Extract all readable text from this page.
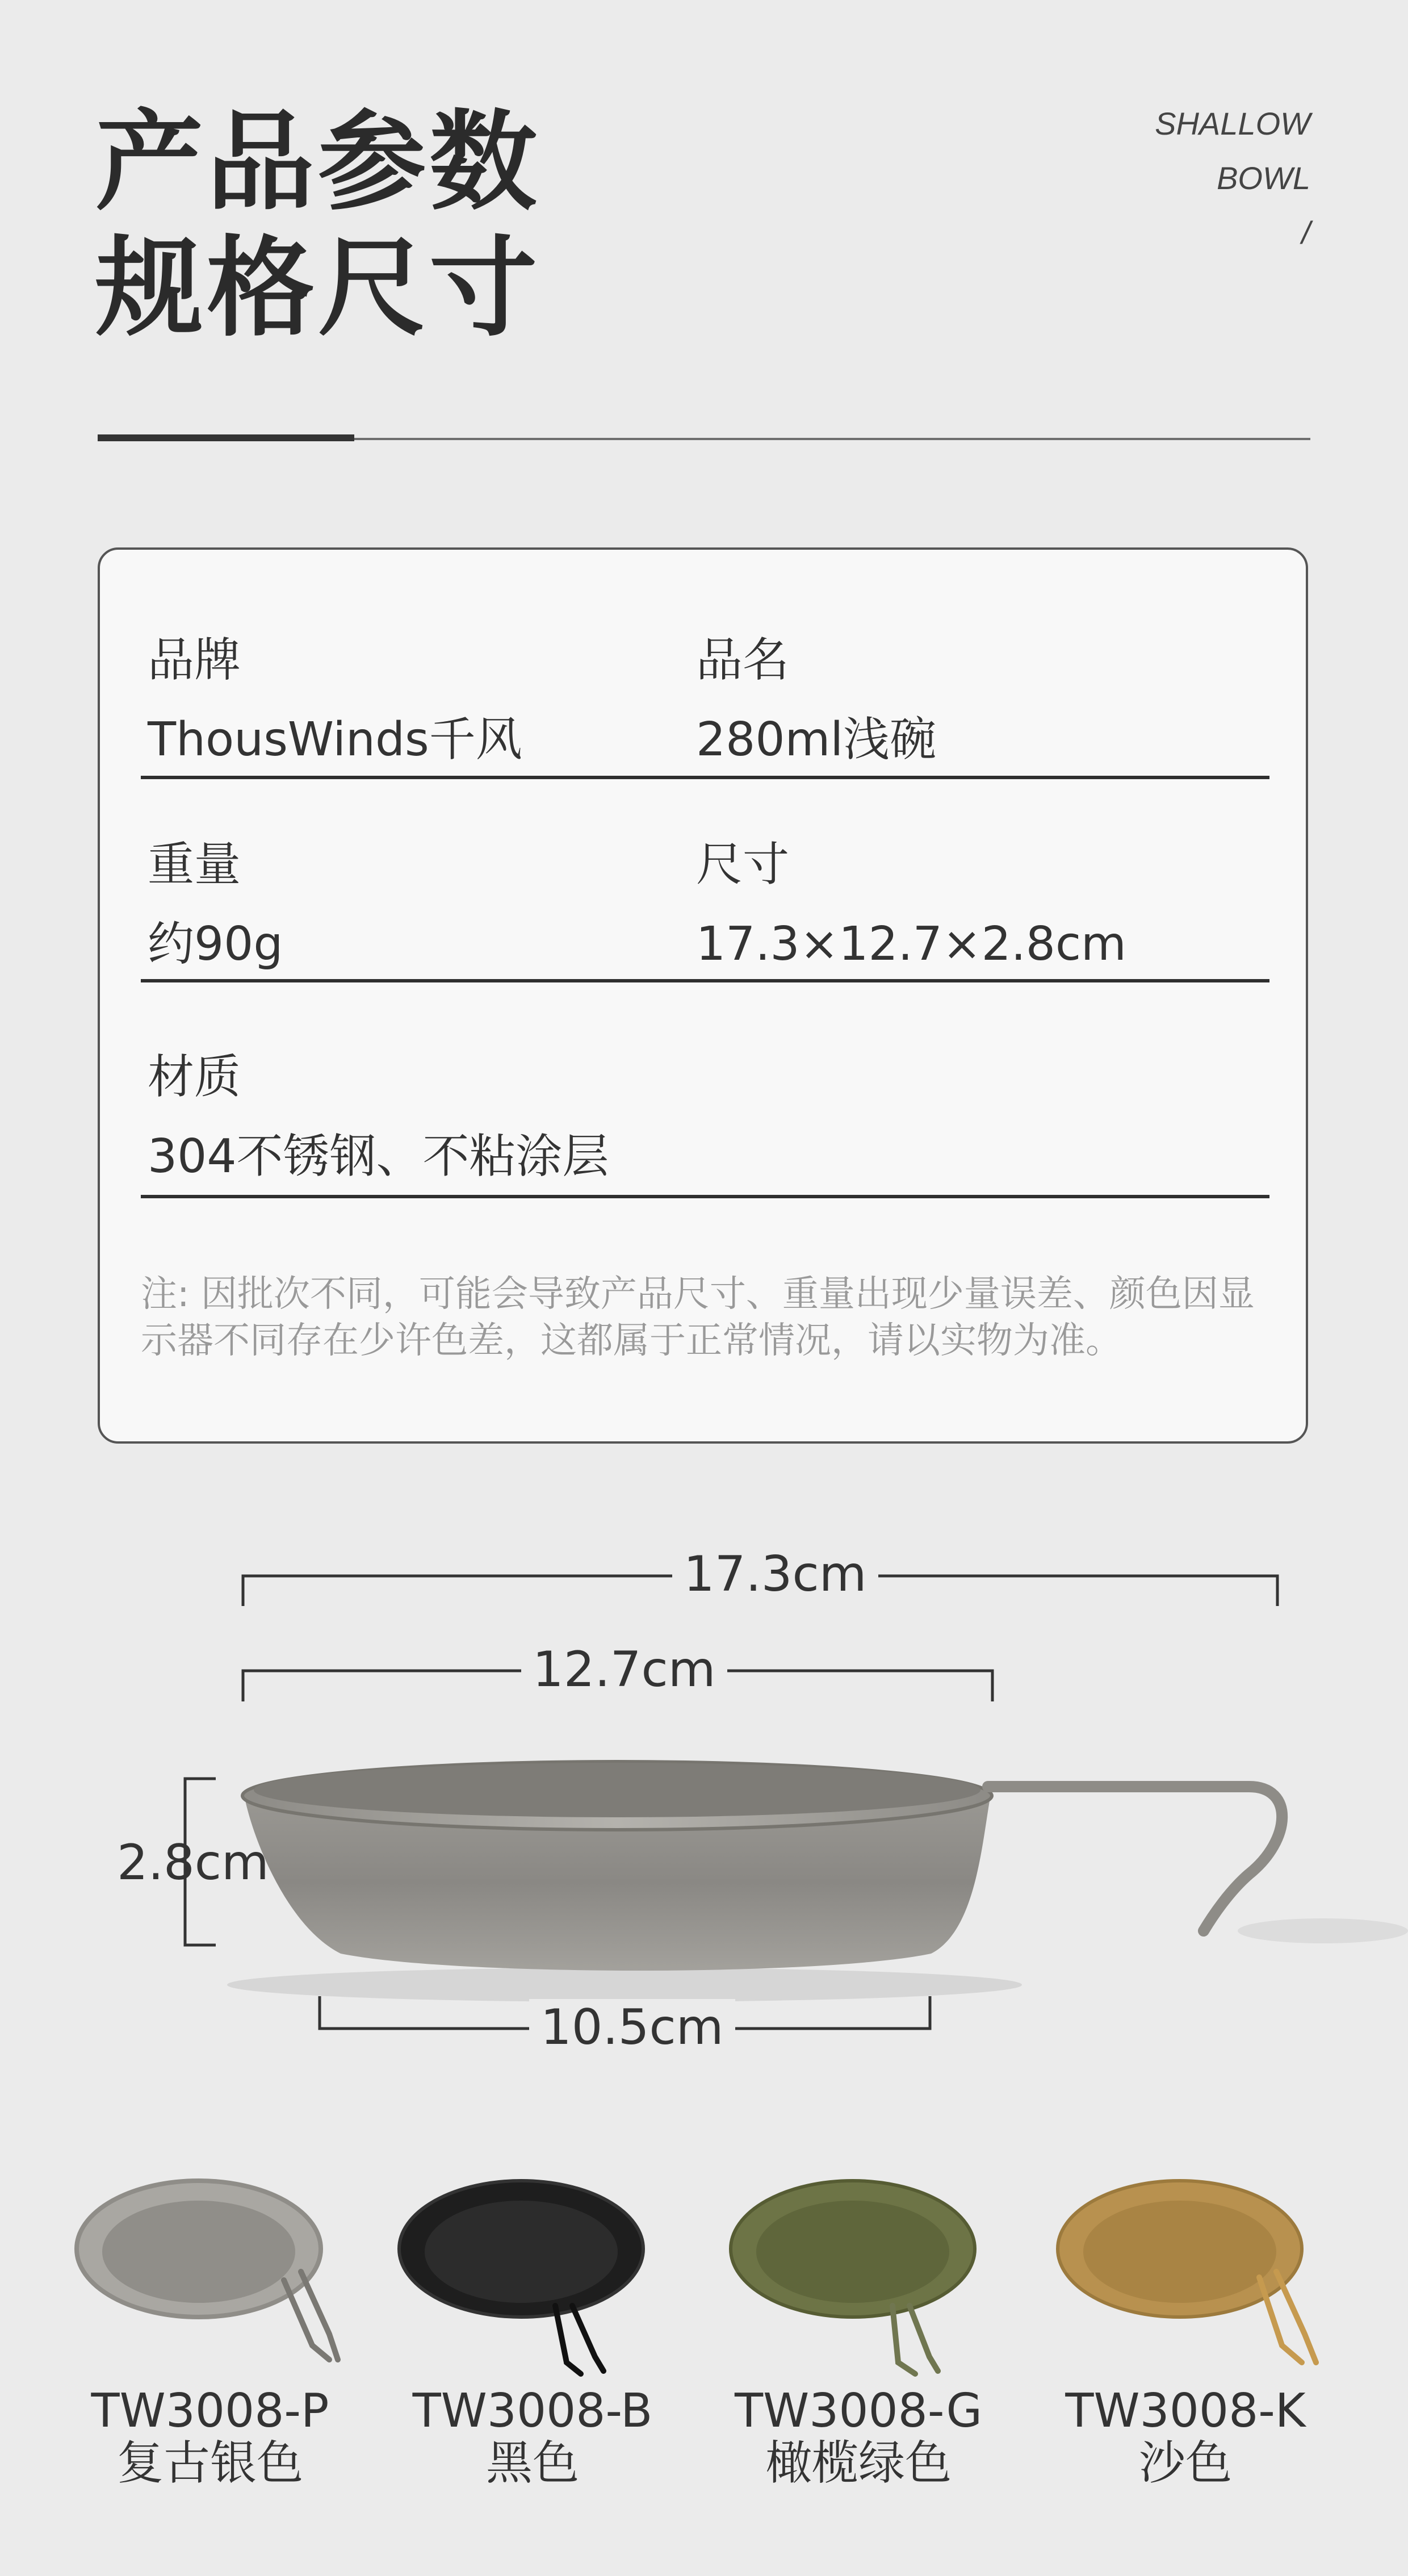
产品参数
规格尺寸
SHALLOW
BOWL
/
品牌
ThousWinds千风
品名
280ml浅碗
重量
约90g
尺寸
17.3×12.7×2.8cm
材质
304不锈钢、不粘涂层
注: 因批次不同，可能会导致产品尺寸、重量出现少量误差、颜色因显示器不同存在少许色差，这都属于正常情况，请以实物为准。
17.3cm
12.7cm
2.8cm
10.5cm
TW3008-P
复古银色
TW3008-B
黑色
TW3008-G
橄榄绿色
TW3008-K
沙色
